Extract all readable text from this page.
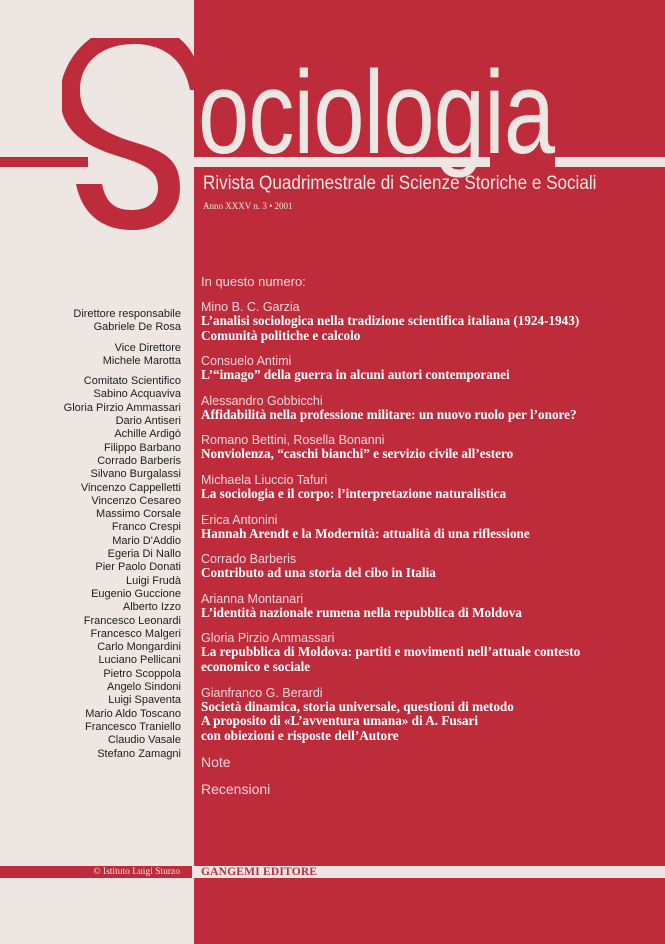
ociologia
Rivista Quadrimestrale di Scienze Storiche e Sociali
Anno XXXV n. 3 • 2001
Direttore responsabile
Gabriele De Rosa
Vice Direttore
Michele Marotta
Comitato Scientifico
Sabino Acquaviva
Gloria Pirzio Ammassari
Dario Antiseri
Achille Ardigò
Filippo Barbano
Corrado Barberis
Silvano Burgalassi
Vincenzo Cappelletti
Vincenzo Cesareo
Massimo Corsale
Franco Crespi
Mario D'Addio
Egeria Di Nallo
Pier Paolo Donati
Luigi Frudà
Eugenio Guccione
Alberto Izzo
Francesco Leonardi
Francesco Malgeri
Carlo Mongardini
Luciano Pellicani
Pietro Scoppola
Angelo Sindoni
Luigi Spaventa
Mario Aldo Toscano
Francesco Traniello
Claudio Vasale
Stefano Zamagni
In questo numero:
Mino B. C. Garzia
L’analisi sociologica nella tradizione scientifica italiana (1924-1943)
Comunità politiche e calcolo
Consuelo Antimi
L’“imago” della guerra in alcuni autori contemporanei
Alessandro Gobbicchi
Affidabilità nella professione militare: un nuovo ruolo per l’onore?
Romano Bettini, Rosella Bonanni
Nonviolenza, “caschi bianchi” e servizio civile all’estero
Michaela Liuccio Tafuri
La sociologia e il corpo: l’interpretazione naturalistica
Erica Antonini
Hannah Arendt e la Modernità: attualità di una riflessione
Corrado Barberis
Contributo ad una storia del cibo in Italia
Arianna Montanari
L’identità nazionale rumena nella repubblica di Moldova
Gloria Pirzio Ammassari
La repubblica di Moldova: partiti e movimenti nell’attuale contesto
economico e sociale
Gianfranco G. Berardi
Società dinamica, storia universale, questioni di metodo
A proposito di «L’avventura umana» di A. Fusari
con obiezioni e risposte dell’Autore
Note
Recensioni
© Istituto Luigi Sturzo	GANGEMI EDITORE
